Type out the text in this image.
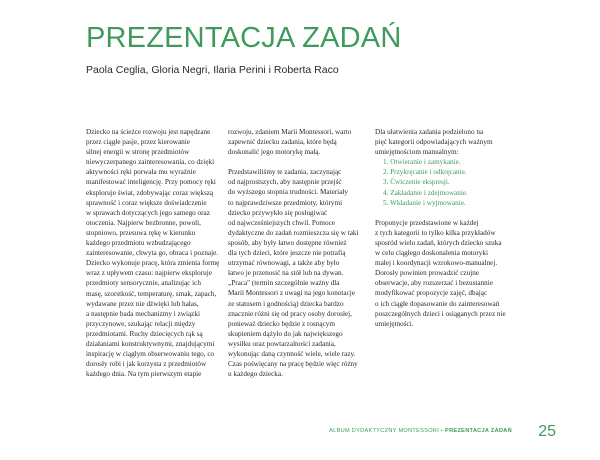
PREZENTACJA ZADAŃ
Paola Ceglia, Gloria Negri, Ilaria Perini i Roberta Raco

Dziecko na ścieżce rozwoju jest napędzane
przez ciągłe pasje, przez kierowanie
silnej energii w stronę przedmiotów
niewyczerpanego zainteresowania, co dzięki
aktywności ręki porwała mu wyraźnie
manifestować inteligencję. Przy pomocy ręki
eksploruje świat, zdobywając coraz większą
sprawność i coraz większe doświadczenie
w sprawach dotyczących jego samego oraz
otoczenia. Najpierw bezbronne, powoli,
stopniowo, przesuwa rękę w kierunku
każdego przedmiotu wzbudzającego
zainteresowanie, chwyta go, obraca i poznaje.
Dziecko wykonuje pracę, która zmienia formę
wraz z upływem czasu: najpierw eksploruje
przedmioty sensorycznie, analizując ich
masę, szorstkość, temperaturę, smak, zapach,
wydawane przez nie dźwięki lub hałas,
a następnie bada mechanizmy i związki
przyczynowe, szukając relacji między
przedmiotami. Ruchy dziecięcych rąk są
działaniami konstruktywnymi, znajdującymi
inspirację w ciągłym obserwowaniu tego, co
dorosły robi i jak korzysta z przedmiotów
każdego dnia. Na tym pierwszym etapie

rozwoju, zdaniem Marii Montessori, warto
zapewnić dziecku zadania, które będą
doskonalić jego motorykę małą.

Przedstawiliśmy te zadania, zaczynając
od najprostszych, aby następnie przejść
do wyższego stopnia trudności. Materiały
to najprawdziwsze przedmioty, którymi
dziecko przywykło się posługiwać
od najwcześniejszych chwil. Pomoce
dydaktyczne do zadań rozmieszcza się w taki
sposób, aby były łatwo dostępne również
dla tych dzieci, które jeszcze nie potrafią
utrzymać równowagi, a także aby było
łatwo je przenosić na stół lub na dywan.
„Praca" (termin szczególnie ważny dla
Marii Montessori z uwagi na jego konotacje
ze statusem i godnością) dziecka bardzo
znacznie różni się od pracy osoby dorosłej,
ponieważ dziecko będzie z rosnącym
skupieniem dążyło do jak największego
wysiłku oraz powtarzalności zadania,
wykonując daną czynność wiele, wiele razy.
Czas poświęcany na pracę będzie więc różny
u każdego dziecka.

Dla ułatwienia zadania podzielono na
pięć kategorii odpowiadających ważnym
umiejętnościom manualnym:

1. Otwieranie i zamykanie.
2. Przykręcanie i odkręcanie.
3. Ćwiczenie ekspresji.
4. Zakładanie i zdejmowanie.
5. Wkładanie i wyjmowanie.

Proponycje przedstawione w każdej
z tych kategorii to tylko kilka przykładów
sposród wielu zadań, których dziecko szuka
w celu ciągłego doskonalenia motoryki
małej i koordynacji wzrokowo-manualnej.
Dorosły powinien prowadzić czujne
obserwacje, aby rozszerzać i bezustannie
modyfikować propozycje zajęć, dbając
o ich ciągłe dopasowanie do zainteresowań
poszczególnych dzieci i osiąganych przez nie
umiejętności.

ALBUM DYDAKTYCZNY MONTESSORI • PREZENTACJA ZADAŃ 25
